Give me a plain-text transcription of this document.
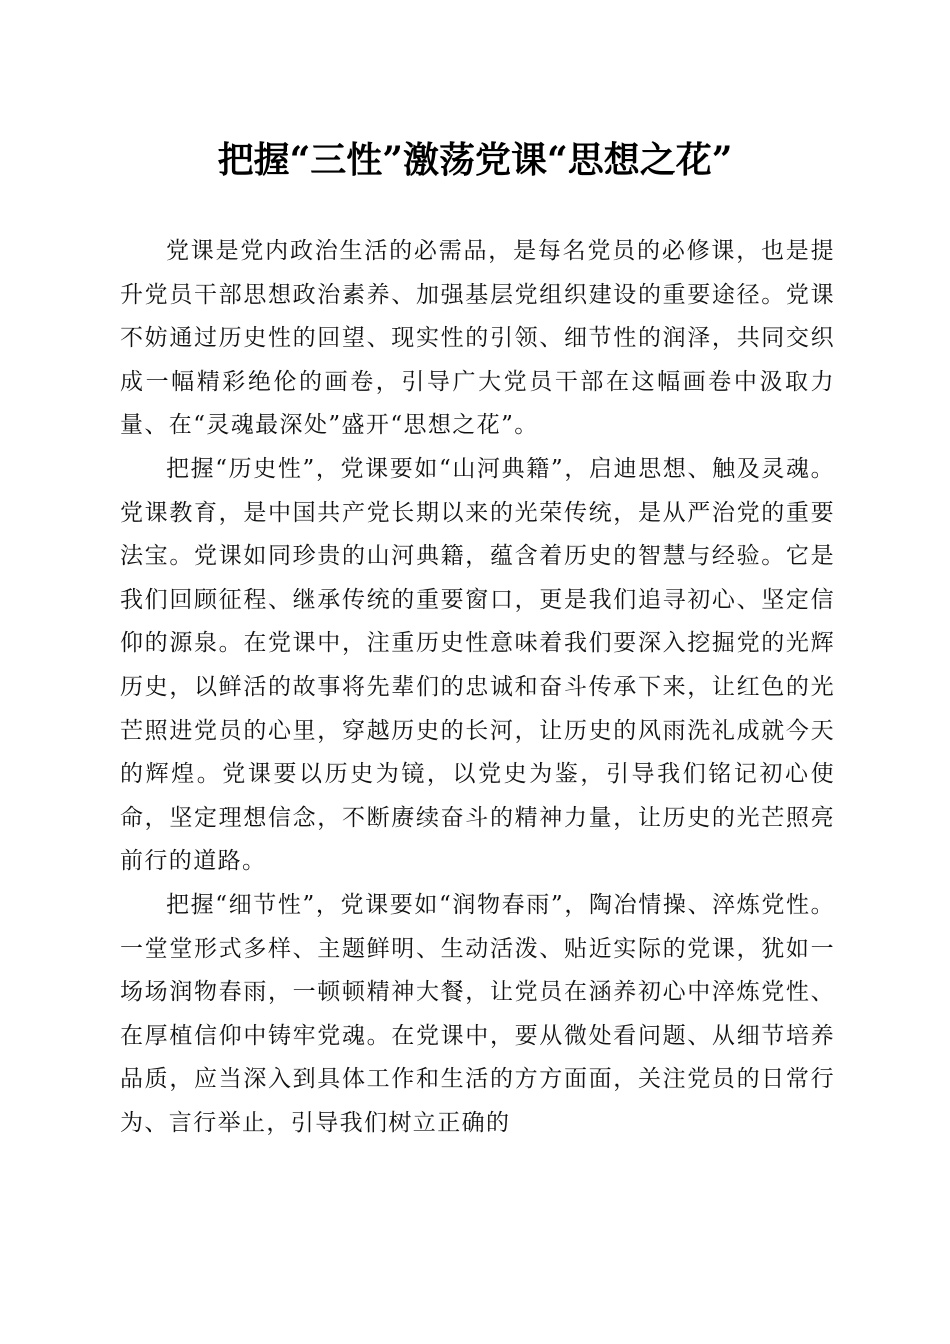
把握“三性”激荡党课“思想之花”

党课是党内政治生活的必需品，是每名党员的必修课，也是提升党员干部思想政治素养、加强基层党组织建设的重要途径。党课不妨通过历史性的回望、现实性的引领、细节性的润泽，共同交织成一幅精彩绝伦的画卷，引导广大党员干部在这幅画卷中汲取力量、在“灵魂最深处”盛开“思想之花”。

把握“历史性”，党课要如“山河典籍”，启迪思想、触及灵魂。党课教育，是中国共产党长期以来的光荣传统，是从严治党的重要法宝。党课如同珍贵的山河典籍，蕴含着历史的智慧与经验。它是我们回顾征程、继承传统的重要窗口，更是我们追寻初心、坚定信仰的源泉。在党课中，注重历史性意味着我们要深入挖掘党的光辉历史，以鲜活的故事将先辈们的忠诚和奋斗传承下来，让红色的光芒照进党员的心里，穿越历史的长河，让历史的风雨洗礼成就今天的辉煌。党课要以历史为镜，以党史为鉴，引导我们铭记初心使命，坚定理想信念，不断赓续奋斗的精神力量，让历史的光芒照亮前行的道路。

把握“细节性”，党课要如“润物春雨”，陶冶情操、淬炼党性。一堂堂形式多样、主题鲜明、生动活泼、贴近实际的党课，犹如一场场润物春雨，一顿顿精神大餐，让党员在涵养初心中淬炼党性、在厚植信仰中铸牢党魂。在党课中，要从微处看问题、从细节培养品质，应当深入到具体工作和生活的方方面面，关注党员的日常行为、言行举止，引导我们树立正确的
